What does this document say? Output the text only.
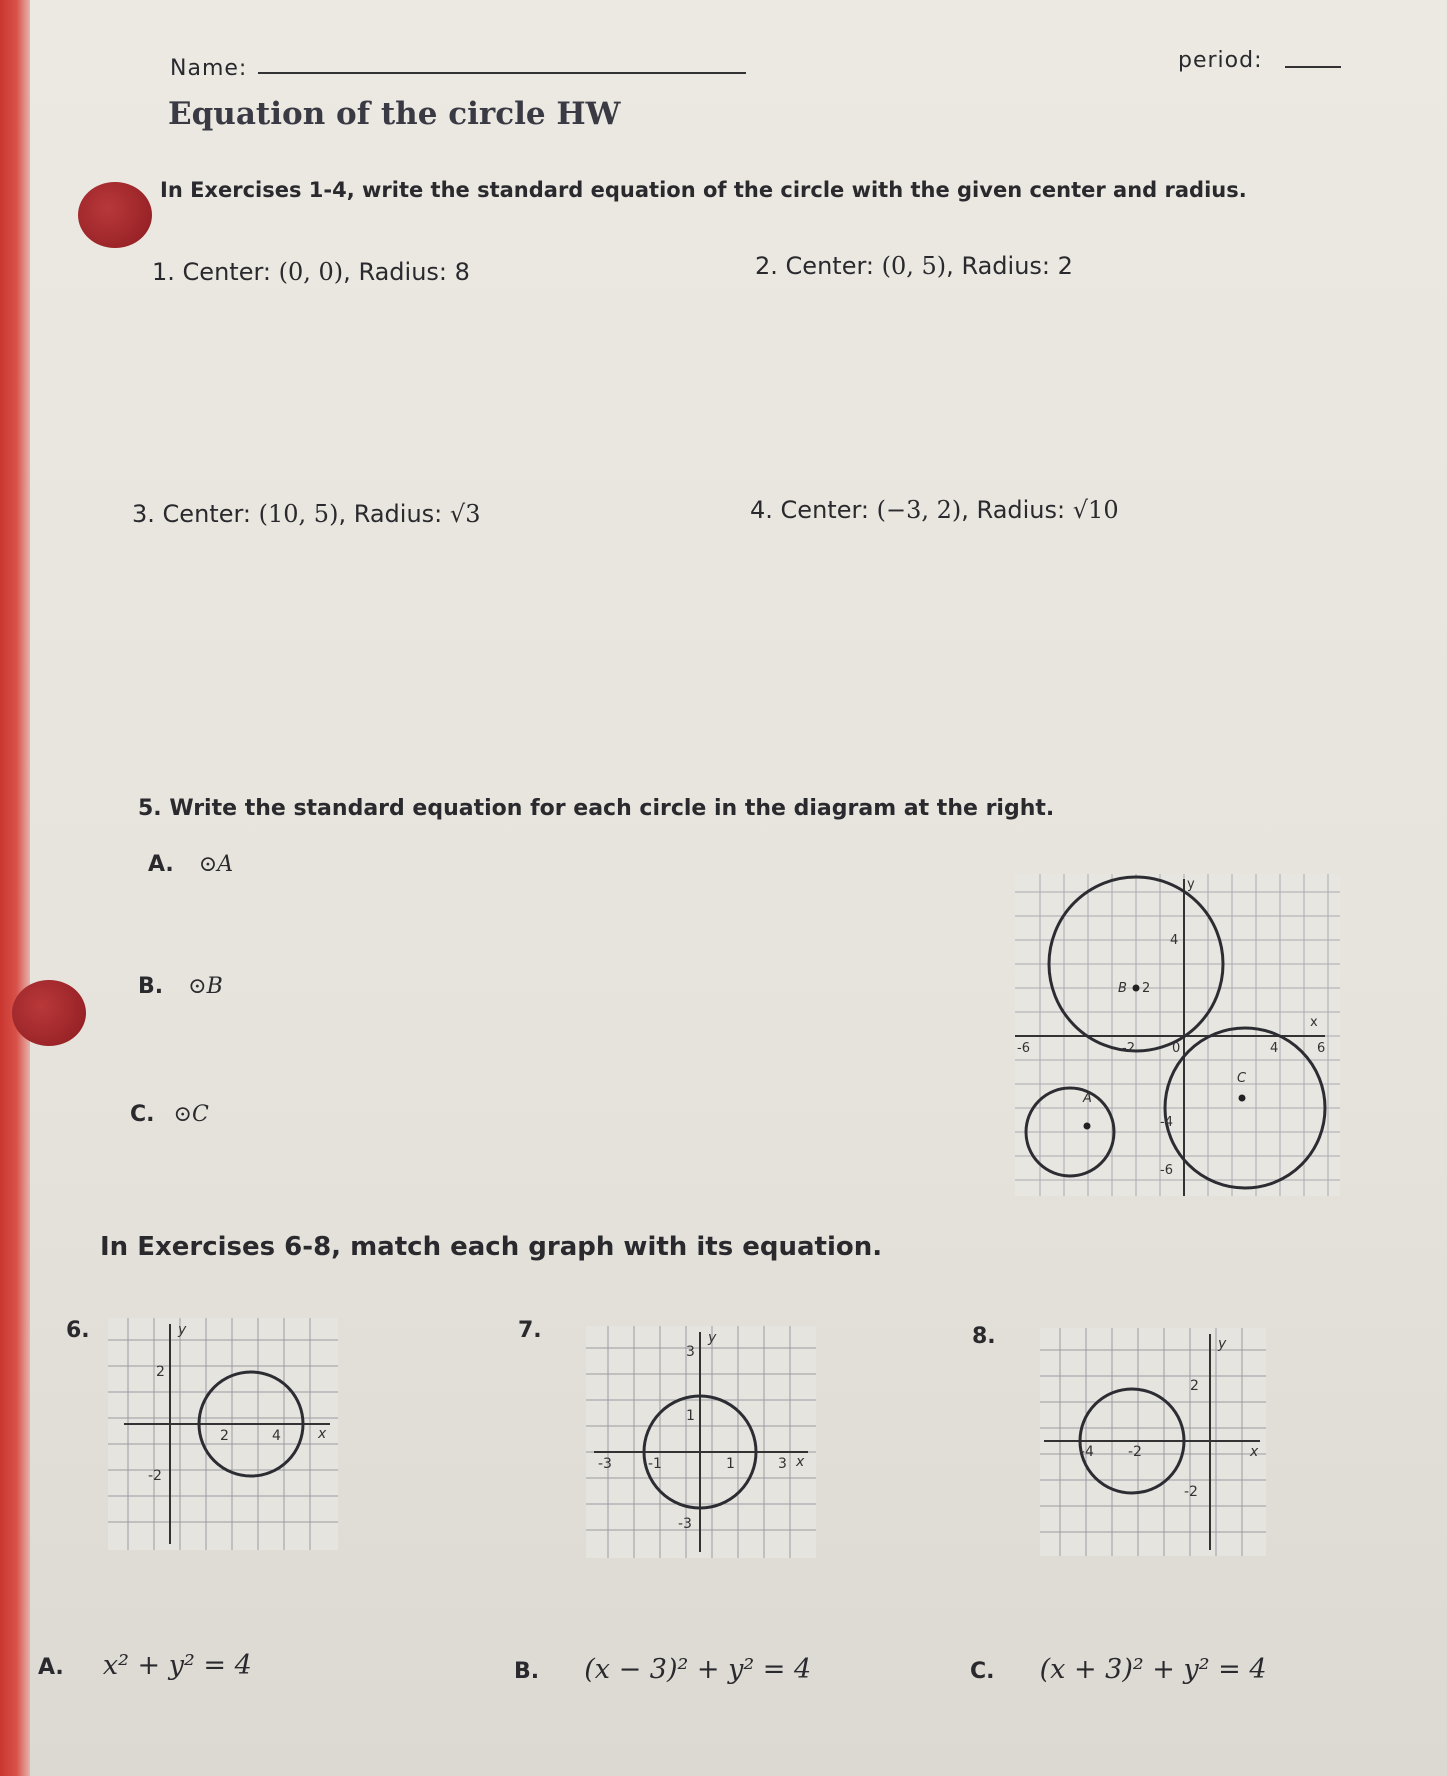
Name:	period:
Equation of the circle HW
In Exercises 1-4, write the standard equation of the circle with the given center and radius.
1. Center: (0, 0), Radius: 8	2. Center: (0, 5), Radius: 2
3. Center: (10, 5), Radius: √3	4. Center: (−3, 2), Radius: √10
5. Write the standard equation for each circle in the diagram at the right.
A. ⊙A
B. ⊙B
C. ⊙C
y
x
4
2
-6	-2	0	4	6
-4
-6
B
A
C
In Exercises 6-8, match each graph with its equation.
6.	y
x
2
-2
2	4
7.	y
x
3
1
-3
-3	-1	1	3
8.	y
x
2
-2
-4 -2
A. x² + y² = 4	B. (x − 3)² + y² = 4	C. (x + 3)² + y² = 4
